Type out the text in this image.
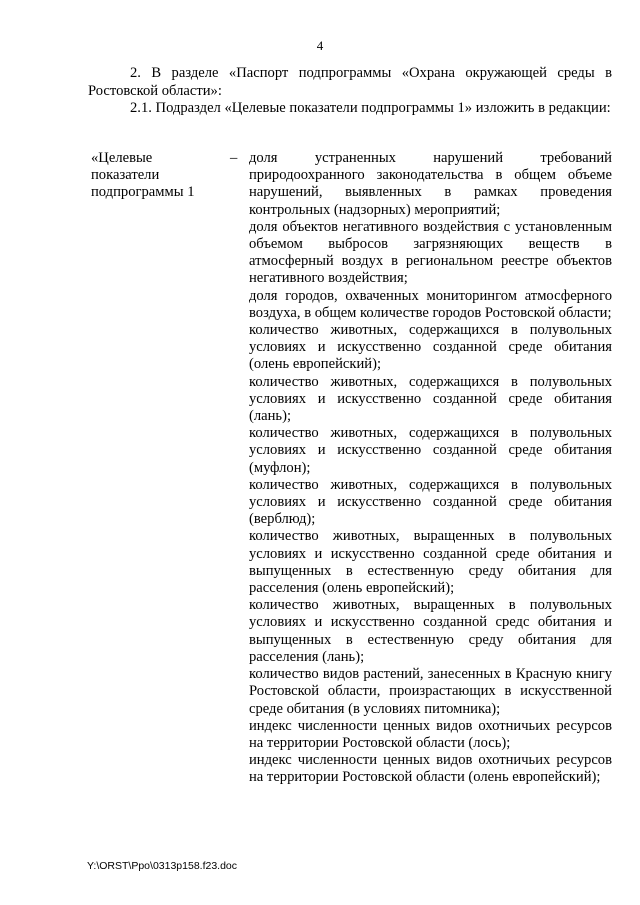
4
2. В разделе «Паспорт подпрограммы «Охрана окружающей среды в Ростовской области»:
2.1. Подраздел «Целевые показатели подпрограммы 1» изложить в редакции:
«Целевые показатели подпрограммы 1
– доля устраненных нарушений требований природоохранного законодательства в общем объеме нарушений, выявленных в рамках проведения контрольных (надзорных) мероприятий;

доля объектов негативного воздействия с установленным объемом выбросов загрязняющих веществ в атмосферный воздух в региональном реестре объектов негативного воздействия;

доля городов, охваченных мониторингом атмосферного воздуха, в общем количестве городов Ростовской области;

количество животных, содержащихся в полувольных условиях и искусственно созданной среде обитания (олень европейский);

количество животных, содержащихся в полувольных условиях и искусственно созданной среде обитания (лань);

количество животных, содержащихся в полувольных условиях и искусственно созданной среде обитания (муфлон);

количество животных, содержащихся в полувольных условиях и искусственно созданной среде обитания (верблюд);

количество животных, выращенных в полувольных условиях и искусственно созданной среде обитания и выпущенных в естественную среду обитания для расселения (олень европейский);

количество животных, выращенных в полувольных условиях и искусственно созданной средс обитания и выпущенных в естественную среду обитания для расселения (лань);

количество видов растений, занесенных в Красную книгу Ростовской области, произрастающих в искусственной среде обитания (в условиях питомника);

индекс численности ценных видов охотничьих ресурсов на территории Ростовской области (лось);

индекс численности ценных видов охотничьих ресурсов на территории Ростовской области (олень европейский);

Y:\ORST\Ppo\0313p158.f23.doc
